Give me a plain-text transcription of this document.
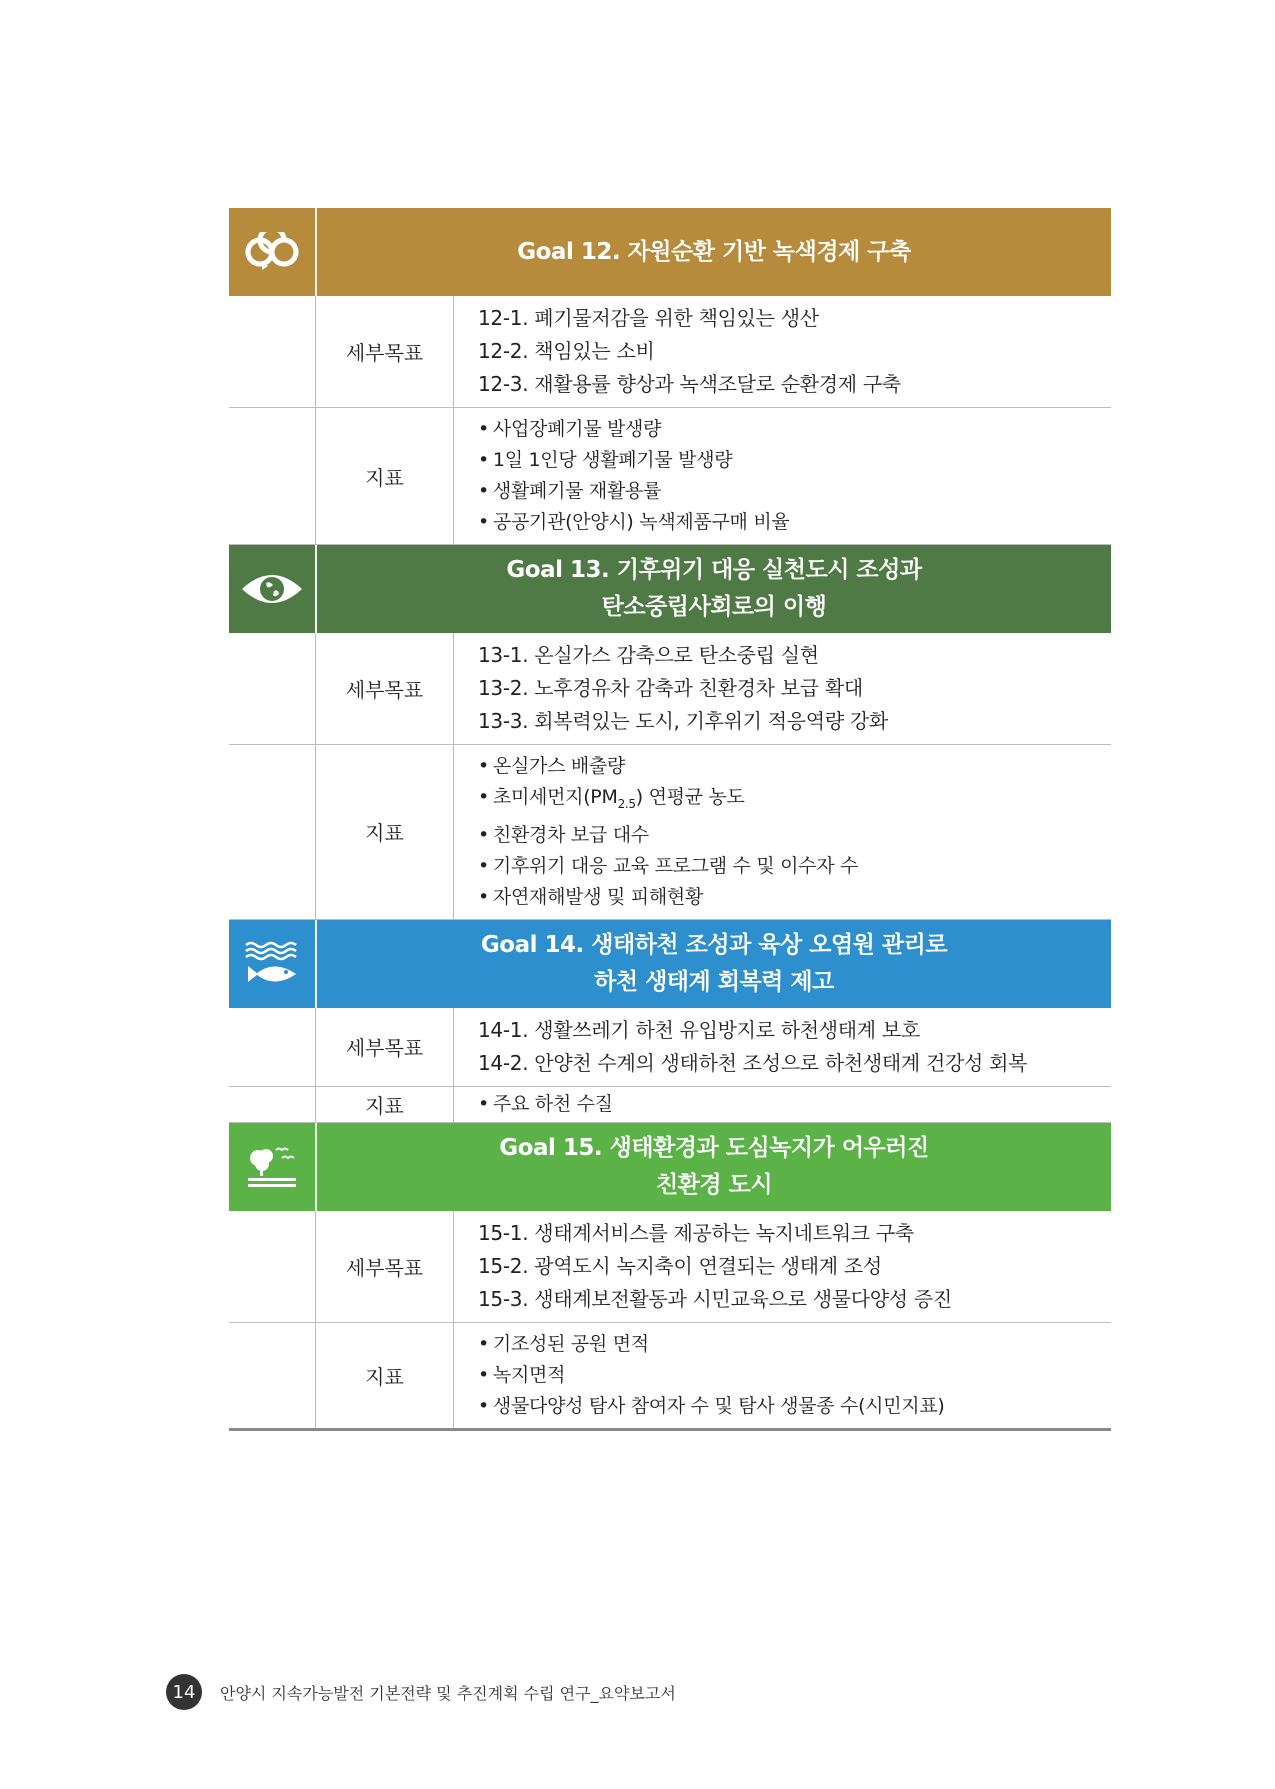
Goal 12. 자원순환 기반 녹색경제 구축
세부목표
12-1. 폐기물저감을 위한 책임있는 생산
12-2. 책임있는 소비
12-3. 재활용률 향상과 녹색조달로 순환경제 구축
지표
• 사업장폐기물 발생량
• 1일 1인당 생활폐기물 발생량
• 생활폐기물 재활용률
• 공공기관(안양시) 녹색제품구매 비율
Goal 13. 기후위기 대응 실천도시 조성과
탄소중립사회로의 이행
세부목표
13-1. 온실가스 감축으로 탄소중립 실현
13-2. 노후경유차 감축과 친환경차 보급 확대
13-3. 회복력있는 도시, 기후위기 적응역량 강화
지표
• 온실가스 배출량
• 초미세먼지$(PM_{2.5})$ 연평균 농도
• 친환경차 보급 대수
• 기후위기 대응 교육 프로그램 수 및 이수자 수
• 자연재해발생 및 피해현황
Goal 14. 생태하천 조성과 육상 오염원 관리로
하천 생태계 회복력 제고
세부목표
14-1. 생활쓰레기 하천 유입방지로 하천생태계 보호
14-2. 안양천 수계의 생태하천 조성으로 하천생태계 건강성 회복
지표	• 주요 하천 수질
Goal 15. 생태환경과 도심녹지가 어우러진
친환경 도시
세부목표
15-1. 생태계서비스를 제공하는 녹지네트워크 구축
15-2. 광역도시 녹지축이 연결되는 생태계 조성
15-3. 생태계보전활동과 시민교육으로 생물다양성 증진
지표
• 기조성된 공원 면적
• 녹지면적
• 생물다양성 탐사 참여자 수 및 탐사 생물종 수(시민지표)
14	안양시 지속가능발전 기본전략 및 추진계획 수립 연구_요약보고서
